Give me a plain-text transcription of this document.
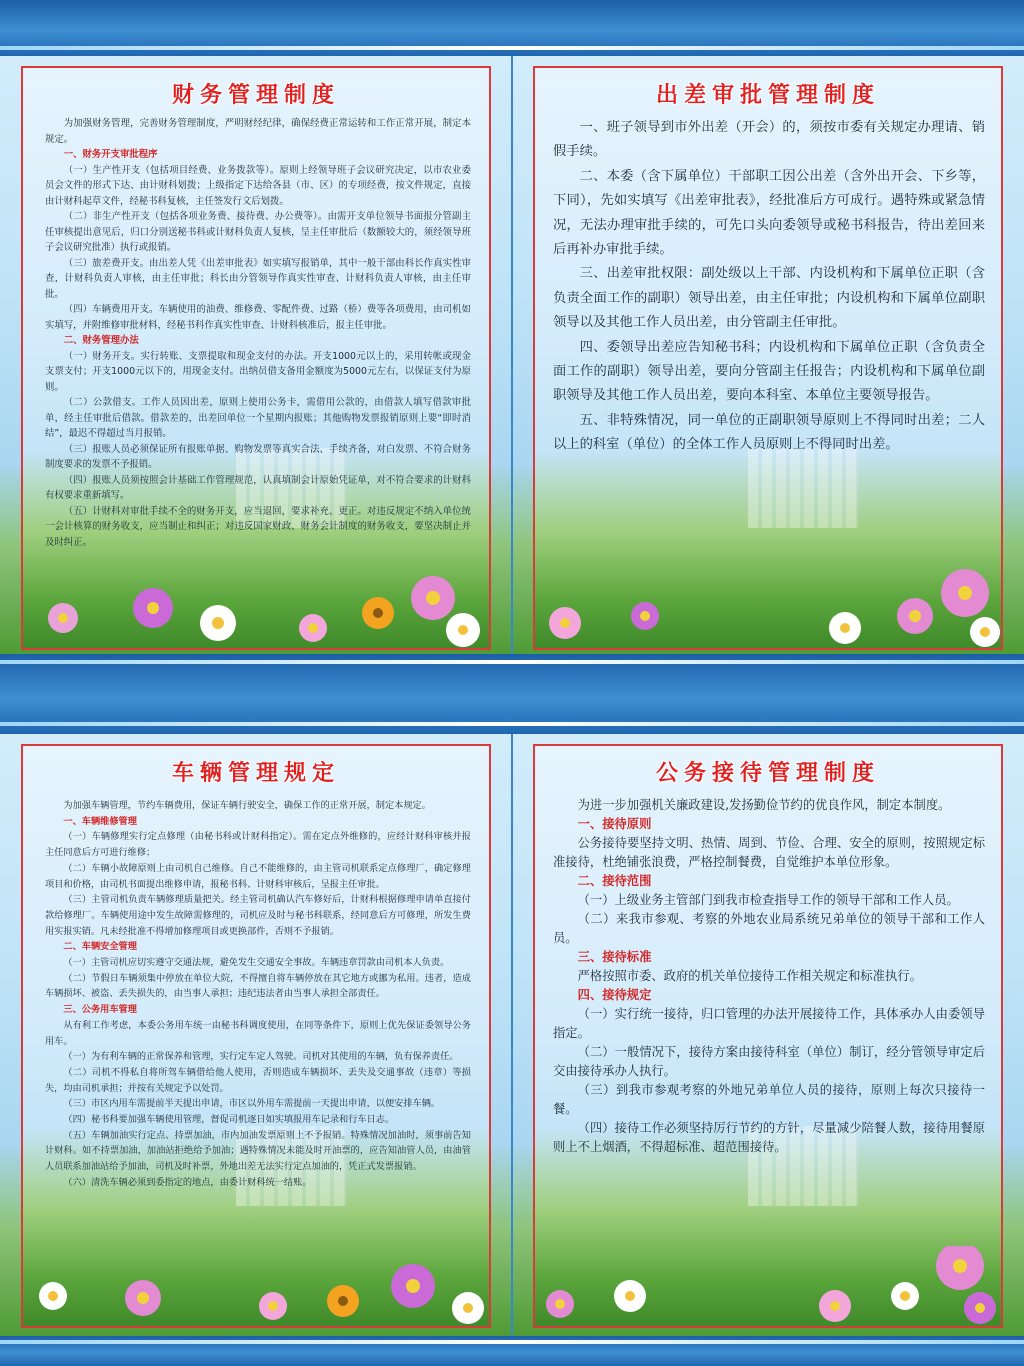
财务管理制度

为加强财务管理，完善财务管理制度，严明财经纪律，确保经费正常运转和工作正常开展，制定本规定。

一、财务开支审批程序

（一）生产性开支（包括项目经费、业务拨款等）。原则上经领导班子会议研究决定，以市农业委员会文件的形式下达、由计财科划拨；上级指定下达给各县（市、区）的专项经费，按文件规定，直接由计财科起草文件，经秘书科复核，主任签发行文后划拨。

（二）非生产性开支（包括各项业务费、接待费、办公费等）。由需开支单位领导书面报分管副主任审核提出意见后，归口分别送秘书科或计财科负责人复核，呈主任审批后（数额较大的，须经领导班子会议研究批准）执行或报销。

（三）旅差费开支。由出差人凭《出差审批表》如实填写报销单，其中一般干部由科长作真实性审查，计财科负责人审核，由主任审批；科长由分管领导作真实性审查、计财科负责人审核，由主任审批。

（四）车辆费用开支。车辆使用的油费、维修费、零配件费、过路（桥）费等各项费用，由司机如实填写，并附维修审批材料，经秘书科作真实性审查、计财科核准后，报主任审批。

二、财务管理办法

（一）财务开支。实行转账、支票提取和现金支付的办法。开支1000元以上的，采用转帐或现金支票支付；开支1000元以下的，用现金支付。出纳员借支备用金额度为5000元左右，以保证支付为原则。

（二）公款借支。工作人员因出差，原则上使用公务卡，需借用公款的，由借款人填写借款审批单，经主任审批后借款。借款差的，出差回单位一个星期内报账；其他购物发票报销原则上要“即时消结”，最迟不得超过当月报销。

（三）报账人员必须保证所有报账单据、购物发票等真实合法、手续齐备，对白发票、不符合财务制度要求的发票不予报销。

（四）报账人员须按照会计基础工作管理规范，认真填制会计原始凭证单，对不符合要求的计财科有权要求重新填写。

（五）计财科对审批手续不全的财务开支，应当退回，要求补充、更正。对违反规定不纳入单位统一会计核算的财务收支，应当制止和纠正；对违反国家财政、财务会计制度的财务收支，要坚决制止并及时纠正。

出差审批管理制度

一、班子领导到市外出差（开会）的，须按市委有关规定办理请、销假手续。

二、本委（含下属单位）干部职工因公出差（含外出开会、下乡等，下同），先如实填写《出差审批表》，经批准后方可成行。遇特殊或紧急情况，无法办理审批手续的，可先口头向委领导或秘书科报告，待出差回来后再补办审批手续。

三、出差审批权限：副处级以上干部、内设机构和下属单位正职（含负责全面工作的副职）领导出差，由主任审批；内设机构和下属单位副职领导以及其他工作人员出差，由分管副主任审批。

四、委领导出差应告知秘书科；内设机构和下属单位正职（含负责全面工作的副职）领导出差，要向分管副主任报告；内设机构和下属单位副职领导及其他工作人员出差，要向本科室、本单位主要领导报告。

五、非特殊情况，同一单位的正副职领导原则上不得同时出差；二人以上的科室（单位）的全体工作人员原则上不得同时出差。

车辆管理规定

为加强车辆管理，节约车辆费用，保证车辆行驶安全，确保工作的正常开展，制定本规定。

一、车辆维修管理

（一）车辆修理实行定点修理（由秘书科或计财科指定）。需在定点外维修的，应经计财科审核并报主任同意后方可进行维修；

（二）车辆小故障原则上由司机自己维修。自己不能维修的，由主管司机联系定点修理厂，确定修理项目和价格，由司机书面提出维修申请，报秘书科、计财科审核后，呈报主任审批。

（三）主管司机负责车辆修理质量把关。经主管司机确认汽车修好后，计财科根据修理申请单直接付款给修理厂。车辆使用途中发生故障需修理的，司机应及时与秘书科联系，经同意后方可修理，所发生费用实报实销。凡未经批准不得增加修理项目或更换部件，否则不予报销。

二、车辆安全管理

（一）主管司机应切实遵守交通法规，避免发生交通安全事故。车辆违章罚款由司机本人负责。

（二）节假日车辆须集中停放在单位大院，不得擅自将车辆停放在其它地方或挪为私用。违者，造成车辆损坏、被盗、丢失损失的，由当事人承担；违纪违法者由当事人承担全部责任。

三、公务用车管理

从有利工作考虑，本委公务用车统一由秘书科调度使用，在同等条件下，原则上优先保证委领导公务用车。

（一）为有利车辆的正常保养和管理，实行定车定人驾驶。司机对其使用的车辆，负有保养责任。

（二）司机不得私自将所驾车辆借给他人使用，否则造成车辆损坏、丢失及交通事故（违章）等损失，均由司机承担；并按有关规定予以处罚。

（三）市区内用车需提前半天提出申请，市区以外用车需提前一天提出申请，以便安排车辆。

（四）秘书科要加强车辆使用管理，督促司机逐日如实填报用车记录和行车日志。

（五）车辆加油实行定点、持票加油，市内加油发票原则上不予报销。特殊情况加油时，须事前告知计财科。如不持票加油，加油站拒绝给予加油；遇特殊情况未能及时开油票的，应告知油管人员，由油管人员联系加油站给予加油，司机及时补票，外地出差无法实行定点加油的，凭正式发票报销。

（六）清洗车辆必须到委指定的地点，由委计财科统一结账。

公务接待管理制度

为进一步加强机关廉政建设,发扬勤俭节约的优良作风，制定本制度。

一、接待原则

公务接待要坚持文明、热情、周到、节俭、合理、安全的原则，按照规定标准接待，杜绝铺张浪费，严格控制餐费，自觉维护本单位形象。

二、接待范围

（一）上级业务主管部门到我市检查指导工作的领导干部和工作人员。

（二）来我市参观、考察的外地农业局系统兄弟单位的领导干部和工作人员。

三、接待标准

严格按照市委、政府的机关单位接待工作相关规定和标准执行。

四、接待规定

（一）实行统一接待，归口管理的办法开展接待工作，具体承办人由委领导指定。

（二）一般情况下，接待方案由接待科室（单位）制订，经分管领导审定后交由接待承办人执行。

（三）到我市参观考察的外地兄弟单位人员的接待，原则上每次只接待一餐。

（四）接待工作必须坚持厉行节约的方针，尽量减少陪餐人数，接待用餐原则上不上烟酒，不得超标准、超范围接待。
